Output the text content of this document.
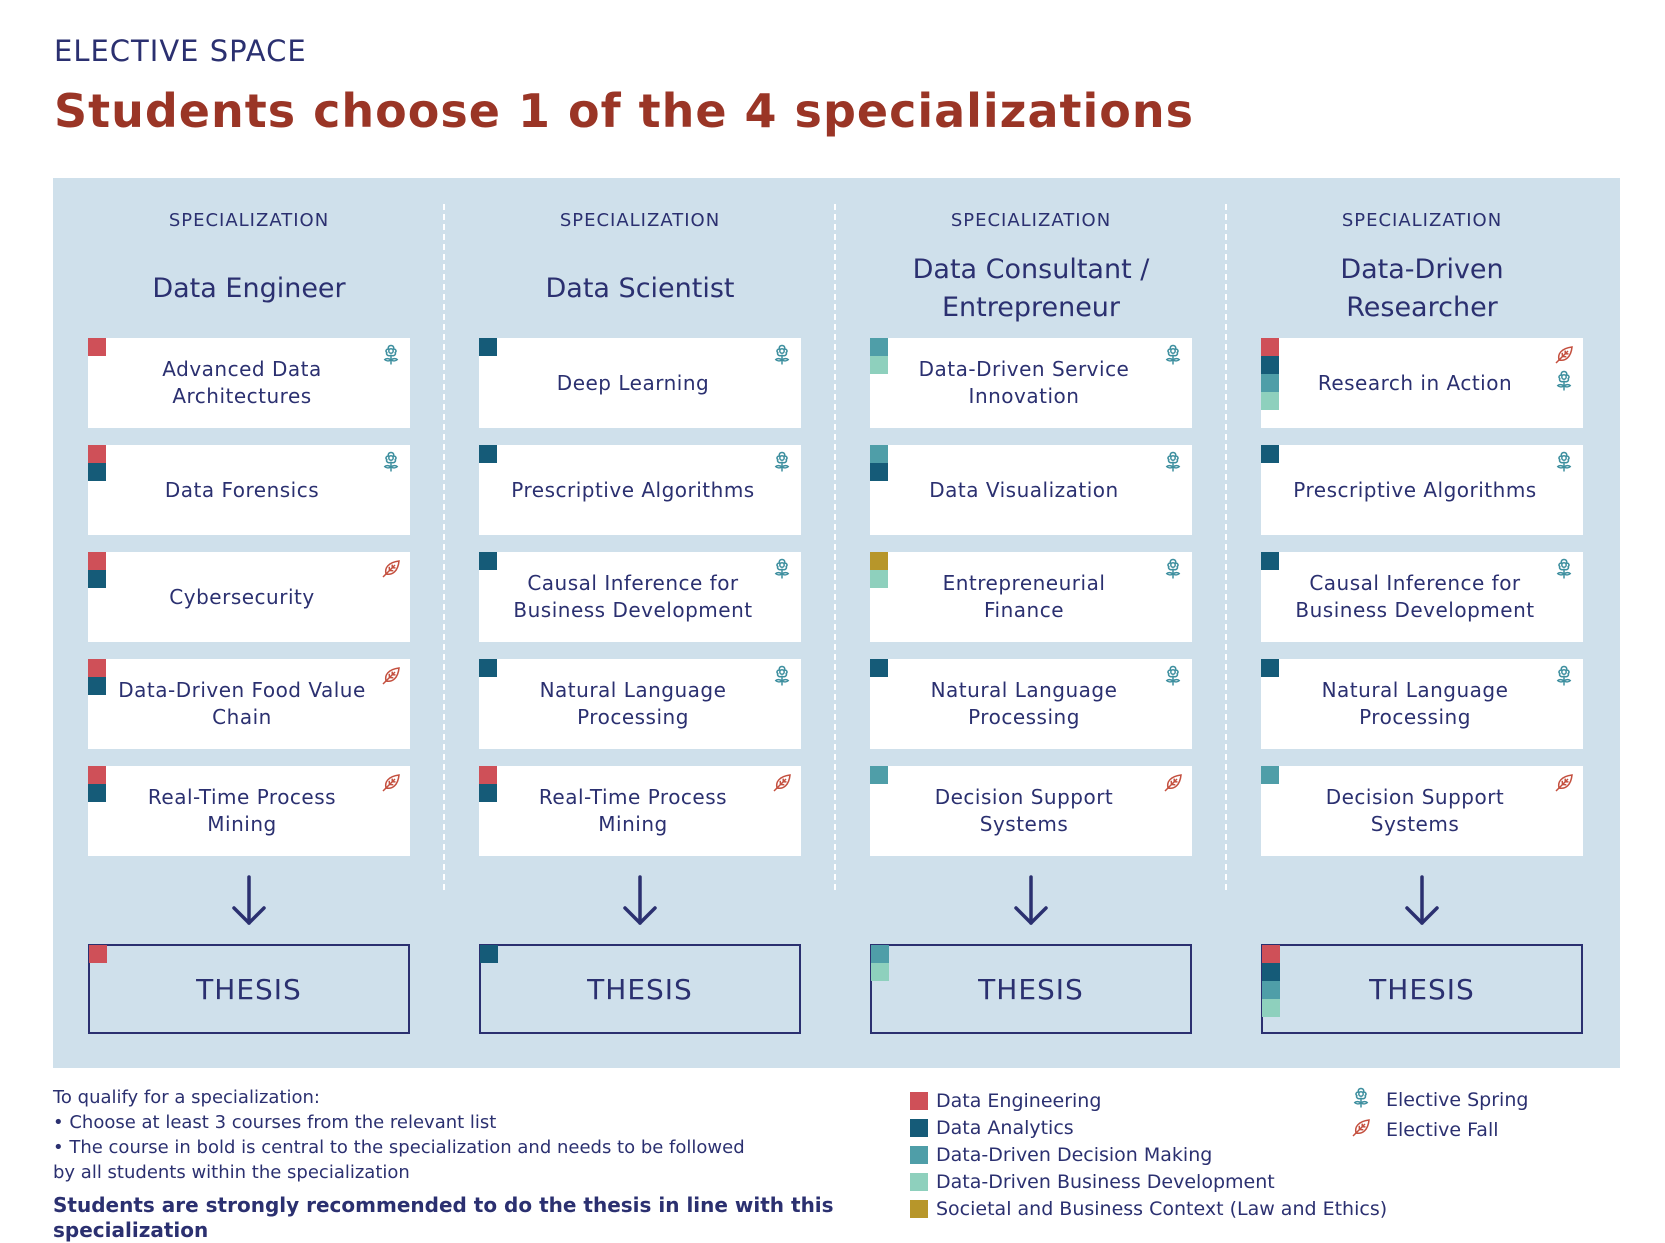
ELECTIVE SPACE
Students choose 1 of the 4 specializations
SPECIALIZATION
Data Engineer
Advanced Data Architectures
Data Forensics
Cybersecurity
Data-Driven Food Value Chain
Real-Time Process Mining
THESIS
SPECIALIZATION
Data Scientist
Deep Learning
Prescriptive Algorithms
Causal Inference for Business Development
Natural Language Processing
Real-Time Process Mining
THESIS
SPECIALIZATION
Data Consultant / Entrepreneur
Data-Driven Service Innovation
Data Visualization
Entrepreneurial Finance
Natural Language Processing
Decision Support Systems
THESIS
SPECIALIZATION
Data-Driven Researcher
Research in Action
Prescriptive Algorithms
Causal Inference for Business Development
Natural Language Processing
Decision Support Systems
THESIS

To qualify for a specialization:

• Choose at least 3 courses from the relevant list

• The course in bold is central to the specialization and needs to be followed

by all students within the specialization

Students are strongly recommended to do the thesis in line with this specialization

Data Engineering
Data Analytics
Data-Driven Decision Making
Data-Driven Business Development
Societal and Business Context (Law and Ethics)
Elective Spring
Elective Fall
